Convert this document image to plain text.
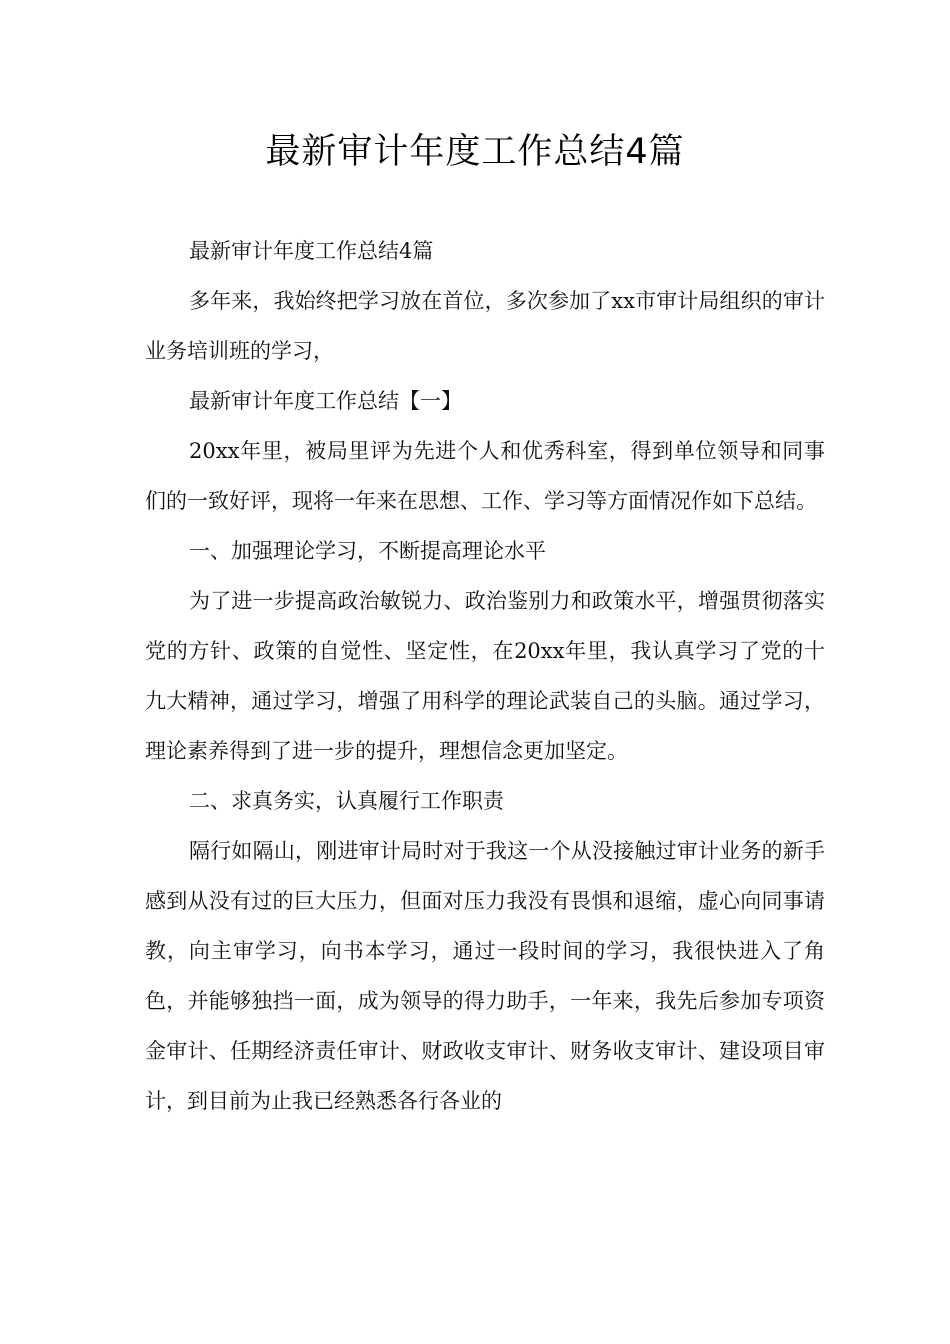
最新审计年度工作总结4篇

最新审计年度工作总结4篇

多年来，我始终把学习放在首位，多次参加了xx市审计局组织的审计业务培训班的学习，

最新审计年度工作总结【一】

20xx年里，被局里评为先进个人和优秀科室，得到单位领导和同事们的一致好评，现将一年来在思想、工作、学习等方面情况作如下总结。

一、加强理论学习，不断提高理论水平

为了进一步提高政治敏锐力、政治鉴别力和政策水平，增强贯彻落实党的方针、政策的自觉性、坚定性，在20xx年里，我认真学习了党的十九大精神，通过学习，增强了用科学的理论武装自己的头脑。通过学习，理论素养得到了进一步的提升，理想信念更加坚定。

二、求真务实，认真履行工作职责

隔行如隔山，刚进审计局时对于我这一个从没接触过审计业务的新手感到从没有过的巨大压力，但面对压力我没有畏惧和退缩，虚心向同事请教，向主审学习，向书本学习，通过一段时间的学习，我很快进入了角色，并能够独挡一面，成为领导的得力助手，一年来，我先后参加专项资金审计、任期经济责任审计、财政收支审计、财务收支审计、建设项目审计，到目前为止我已经熟悉各行各业的
